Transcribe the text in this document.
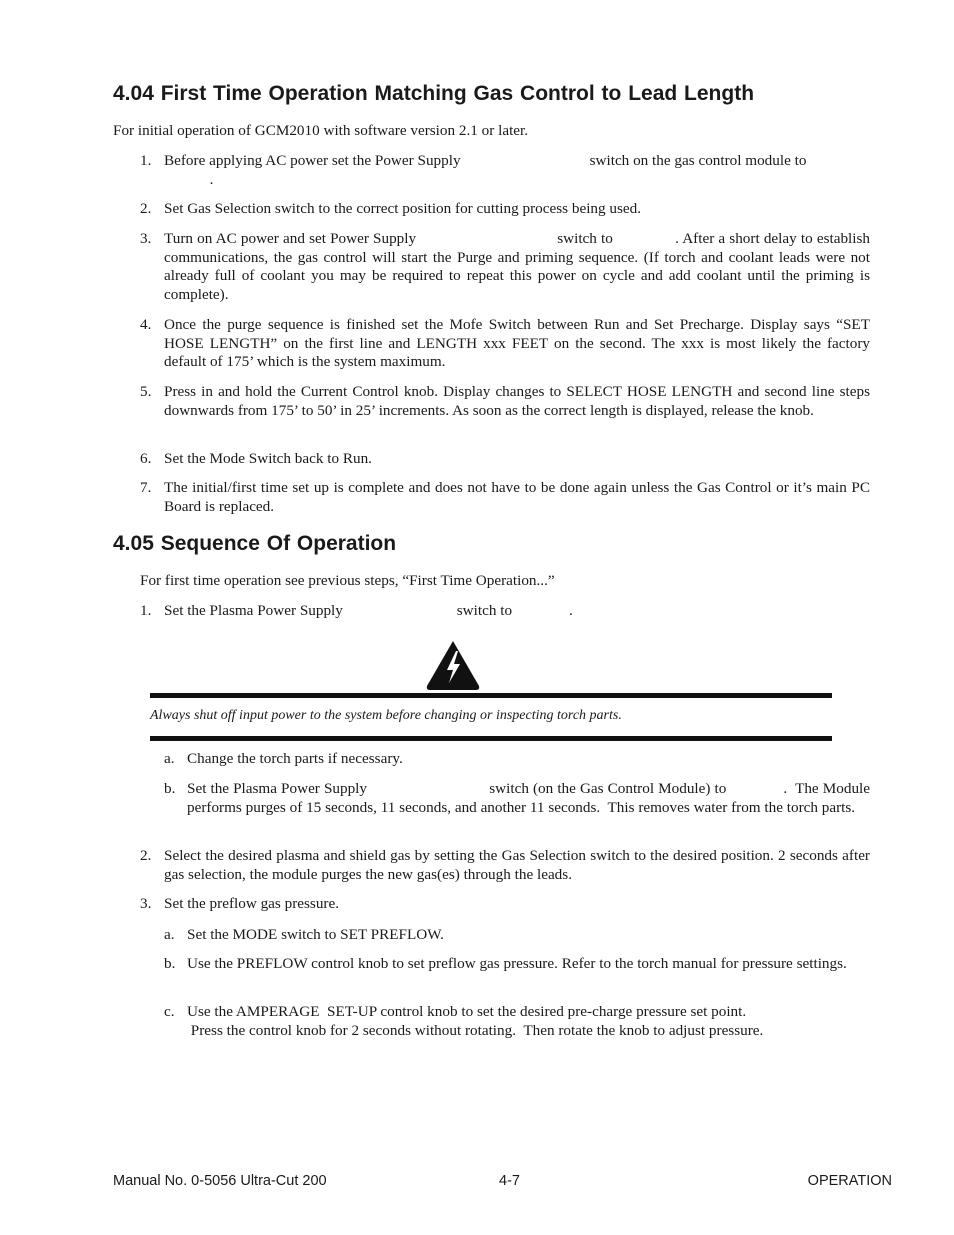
4.04 First Time Operation Matching Gas Control to Lead Length

For initial operation of GCM2010 with software version 2.1 or later.

1. Before applying AC power set the Power Supply                                  switch on the gas control module to
.

2. Set Gas Selection switch to the correct position for cutting process being used.

3. Turn on AC power and set Power Supply                                  switch to               . After a short delay to establish communications, the gas control will start the Purge and priming sequence. (If torch and coolant leads were not already full of coolant you may be required to repeat this power on cycle and add coolant until the priming is complete).

4. Once the purge sequence is finished set the Mofe Switch between Run and Set Precharge. Display says “SET HOSE LENGTH” on the first line and LENGTH xxx FEET on the second. The xxx is most likely the factory default of 175’ which is the system maximum.

5. Press in and hold the Current Control knob. Display changes to SELECT HOSE LENGTH and second line steps downwards from 175’ to 50’ in 25’ increments. As soon as the correct length is displayed, release the knob.

6. Set the Mode Switch back to Run.

7. The initial/first time set up is complete and does not have to be done again unless the Gas Control or it’s main PC Board is replaced.

4.05 Sequence Of Operation

For first time operation see previous steps, “First Time Operation...”

1. Set the Plasma Power Supply                              switch to               .

Always shut off input power to the system before changing or inspecting torch parts.

a. Change the torch parts if necessary.

b. Set the Plasma Power Supply                              switch (on the Gas Control Module) to              .  The Module performs purges of 15 seconds, 11 seconds, and another 11 seconds.  This removes water from the torch parts.

2. Select the desired plasma and shield gas by setting the Gas Selection switch to the desired position. 2 seconds after gas selection, the module purges the new gas(es) through the leads.

3. Set the preflow gas pressure.

a. Set the MODE switch to SET PREFLOW.

b. Use the PREFLOW control knob to set preflow gas pressure. Refer to the torch manual for pressure settings.

c. Use the AMPERAGE  SET-UP control knob to set the desired pre-charge pressure set point.
Press the control knob for 2 seconds without rotating.  Then rotate the knob to adjust pressure.

Manual No. 0-5056 Ultra-Cut 200	4-7	OPERATION
